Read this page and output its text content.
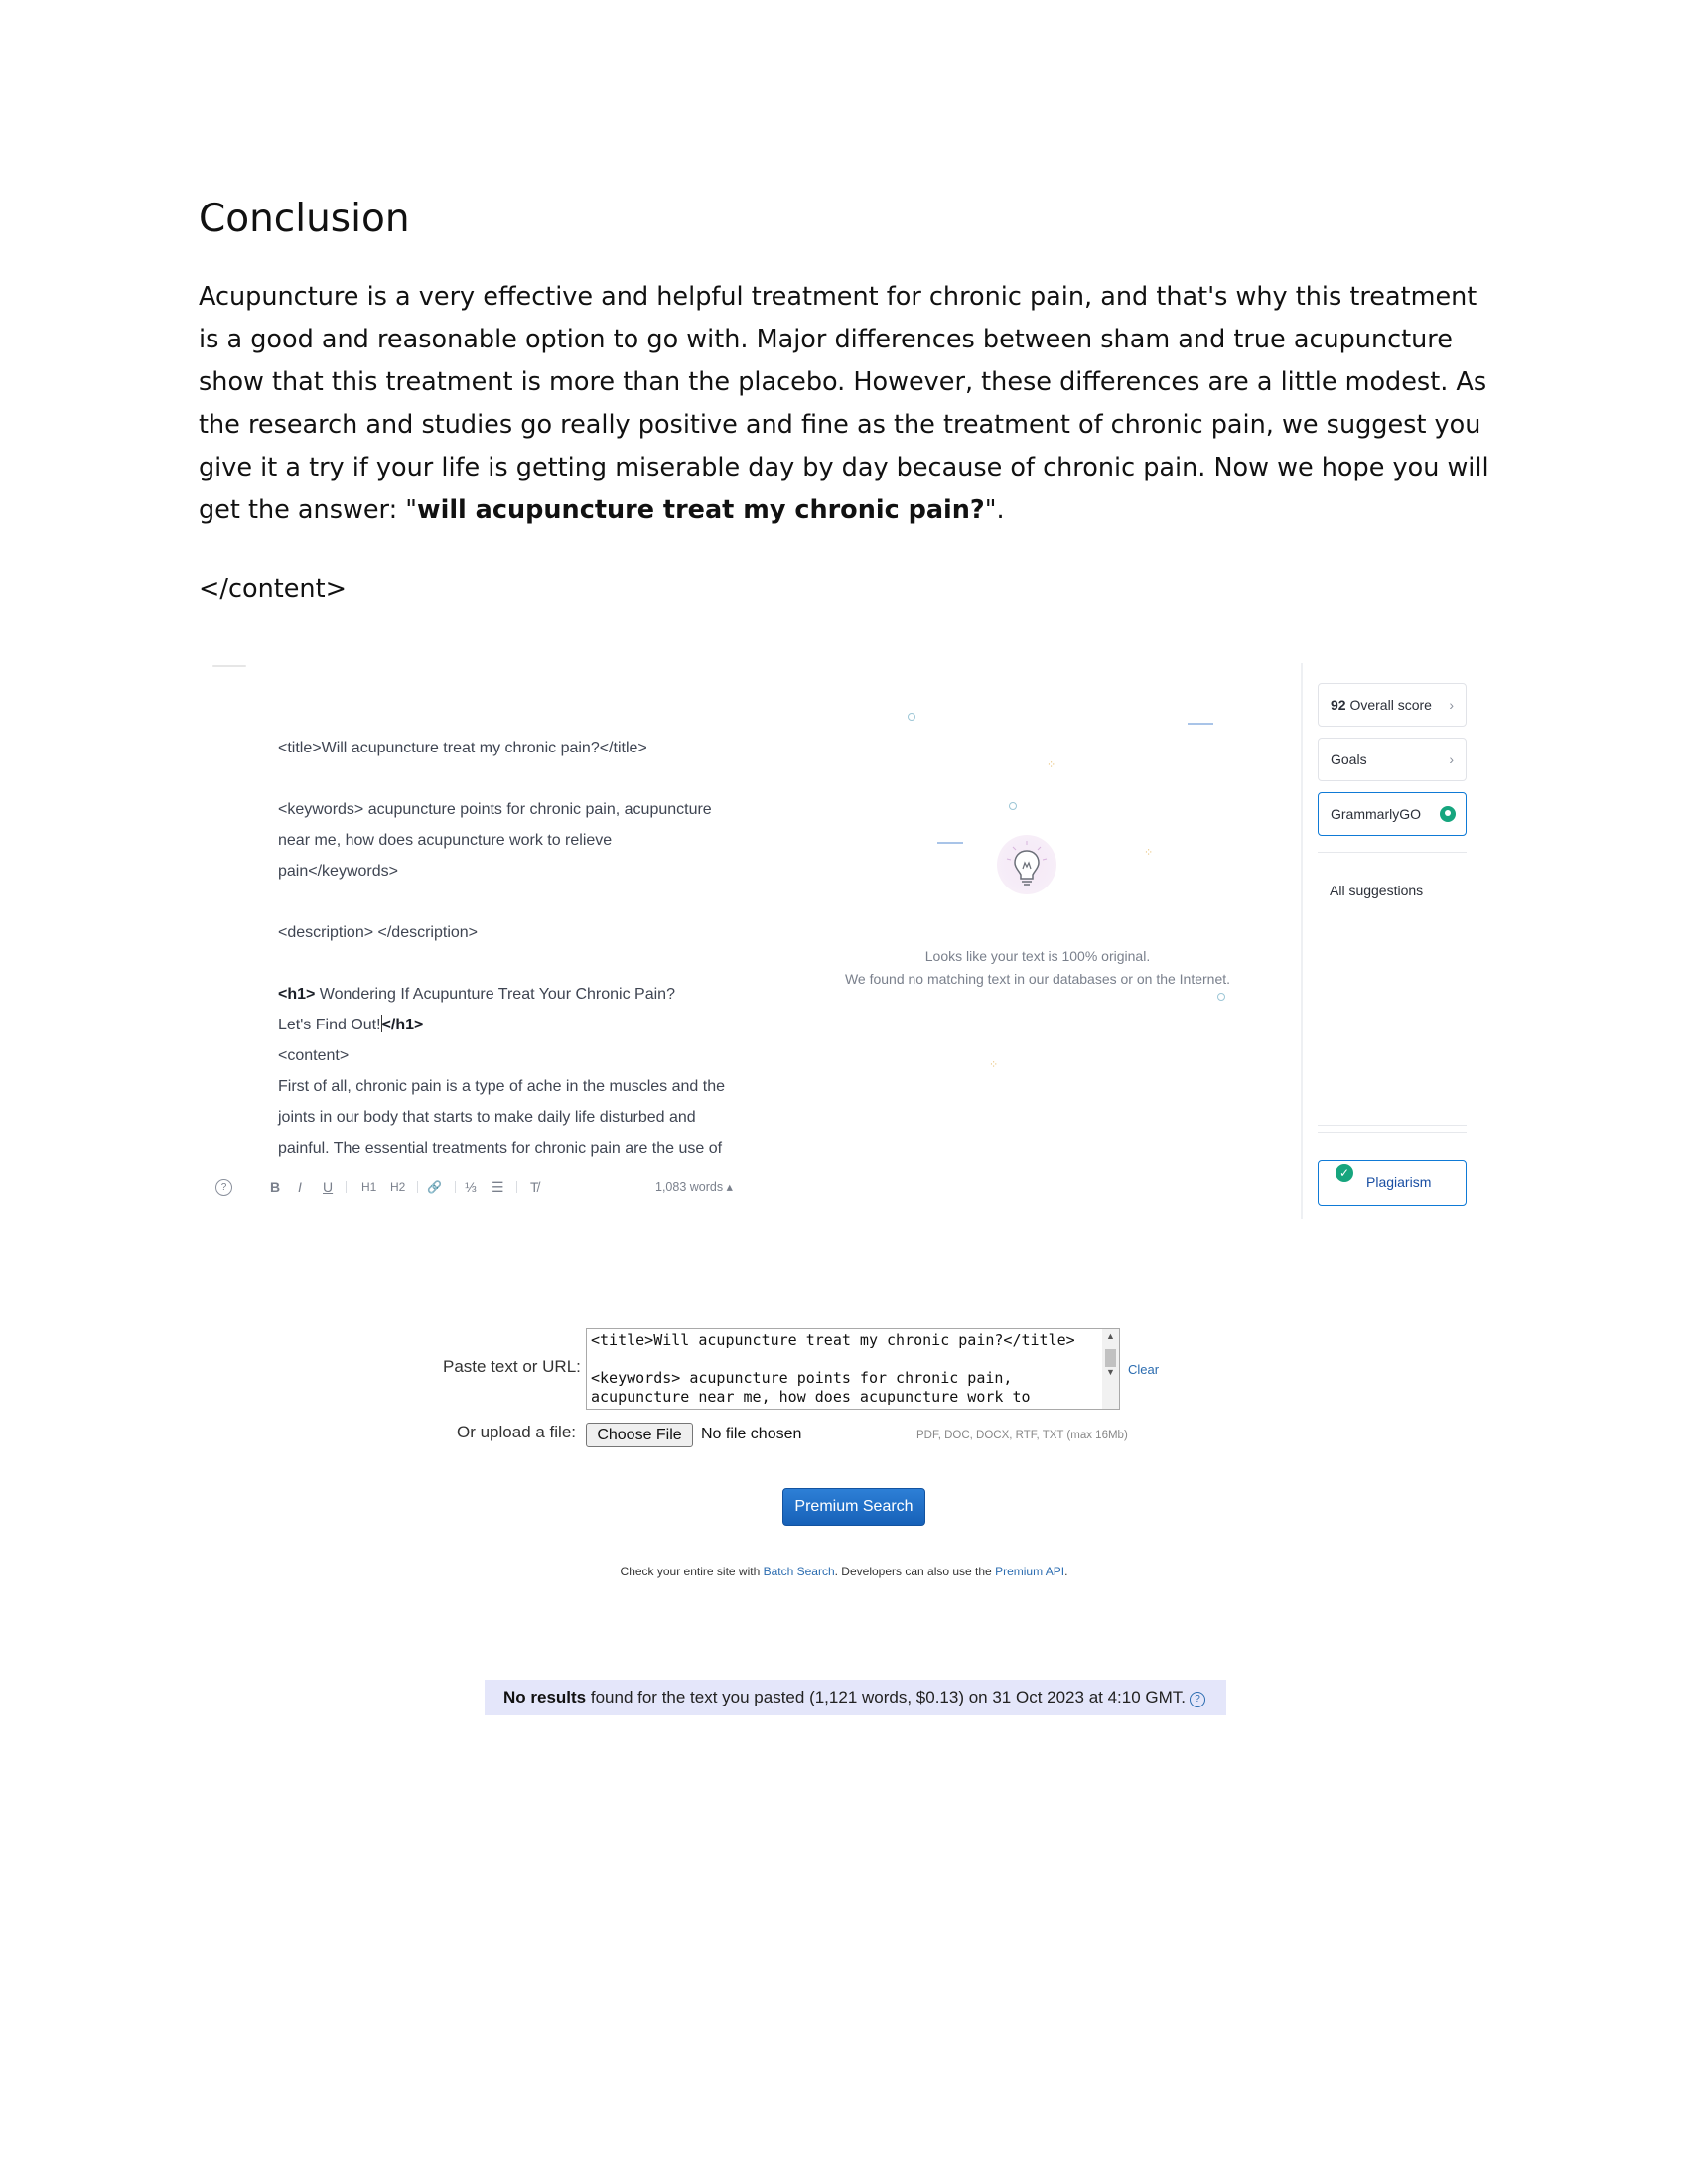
Conclusion

Acupuncture is a very effective and helpful treatment for chronic pain, and that's why this treatment is a good and reasonable option to go with. Major differences between sham and true acupuncture show that this treatment is more than the placebo. However, these differences are a little modest. As the research and studies go really positive and fine as the treatment of chronic pain, we suggest you give it a try if your life is getting miserable day by day because of chronic pain. Now we hope you will get the answer: "will acupuncture treat my chronic pain?".

</content>

<title>Will acupuncture treat my chronic pain?</title>

<keywords> acupuncture points for chronic pain, acupuncture

near me, how does acupuncture work to relieve

pain</keywords>

<description> </description>

<h1> Wondering If Acupunture Treat Your Chronic Pain?

Let's Find Out!</h1>

<content>

First of all, chronic pain is a type of ache in the muscles and the

joints in our body that starts to make daily life disturbed and

painful. The essential treatments for chronic pain are the use of

?	B I U H1 H2 🔗 ⅓ ☰ T̸	1,083 words ▴
⁘
⁘
⁘
Looks like your text is 100% original.
We found no matching text in our databases or on the Internet.
92 Overall score ›
Goals	›
GrammarlyGO
All suggestions
✓
Plagiarism
Paste text or URL:
<title>Will acupuncture treat my chronic pain?</title>

<keywords> acupuncture points for chronic pain,
acupuncture near me, how does acupuncture work to
▲
▼ Clear
Or upload a file:	Choose File	No file chosen	PDF, DOC, DOCX, RTF, TXT (max 16Mb)
Premium Search
Check your entire site with Batch Search. Developers can also use the Premium API.
No results found for the text you pasted (1,121 words, $0.13) on 31 Oct 2023 at 4:10 GMT. ?
